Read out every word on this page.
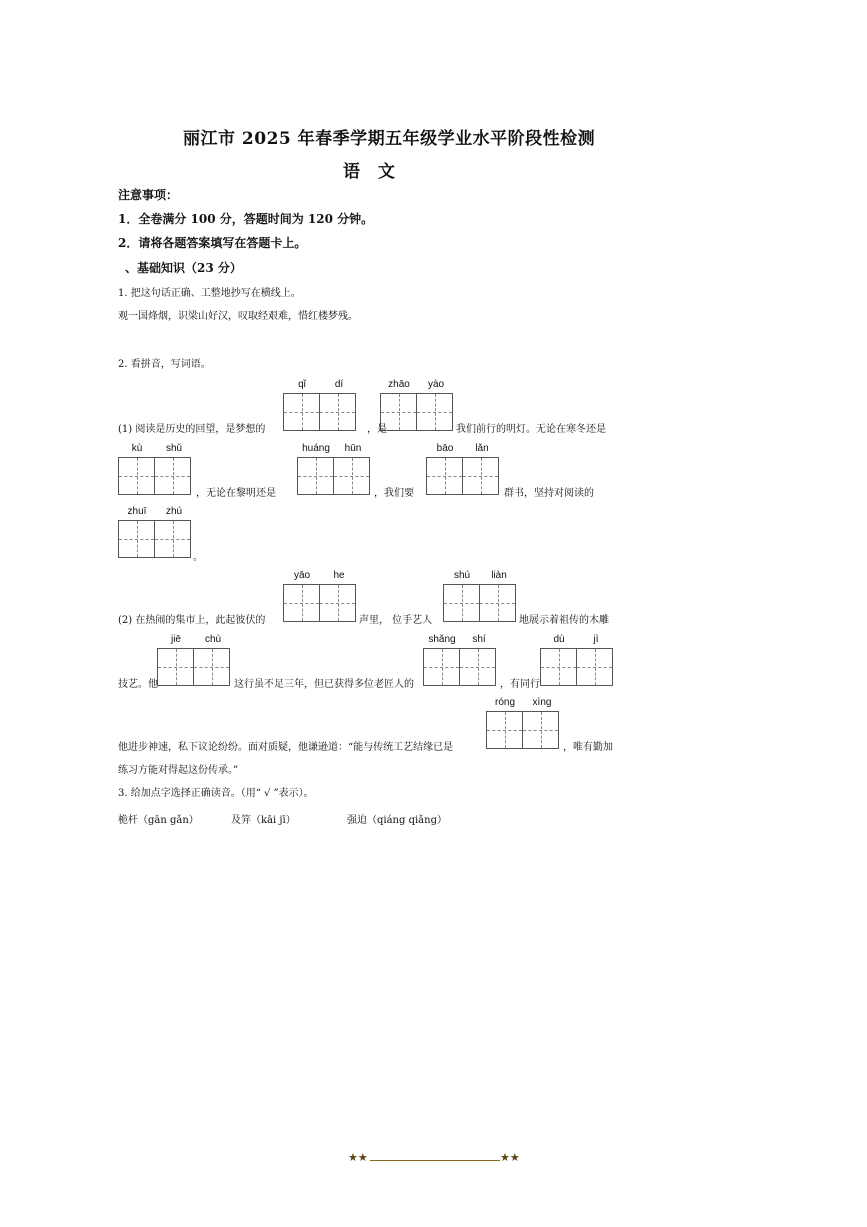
丽江市 2025 年春季学期五年级学业水平阶段性检测
语 文
注意事项：
1．全卷满分 100 分，答题时间为 120 分钟。
2．请将各题答案填写在答题卡上。
、基础知识（23 分）
1. 把这句话正确、工整地抄写在横线上。
观一国烽烟，识梁山好汉，叹取经艰难，惜红楼梦残。
2. 看拼音，写词语。
qǐ	dí	zhāo	yào
(1) 阅读是历史的回望，是梦想的	，是	我们前行的明灯。无论在寒冬还是
kù	shǔ	huáng	hūn	bāo	lǎn
，无论在黎明还是	，我们要	群书，坚持对阅读的
zhuī	zhú
。
yāo	he	shú	liàn
(2) 在热闹的集市上，此起彼伏的	声里， 位手艺人	地展示着祖传的木雕
jiē	chù	shǎng	shí	dù	jì
技艺。他	这行虽不足三年，但已获得多位老匠人的	，有同行
róng	xìng
他进步神速，私下议论纷纷。面对质疑，他谦逊道：“能与传统工艺结缘已是	，唯有勤加
练习方能对得起这份传承。”
3. 给加点字选择正确读音。（用“ √ ”表示）。
桅杆（gān gǎn）	及笄（kāi jī）	强迫（qiáng qiǎng）
★★	★★
